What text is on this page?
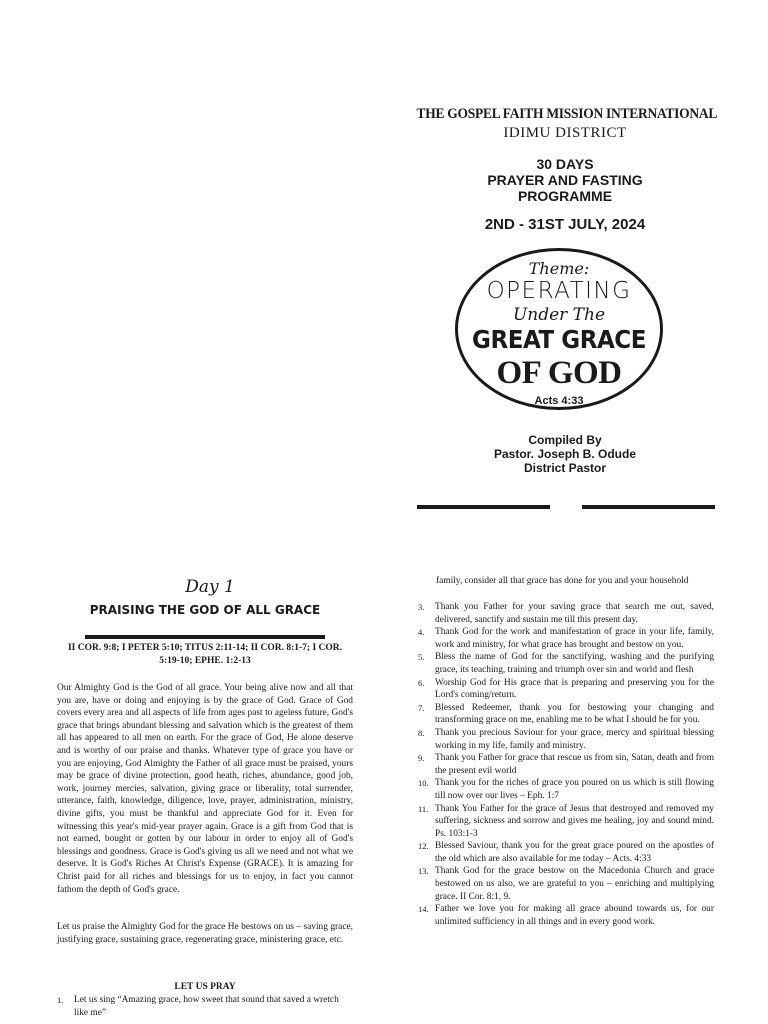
THE GOSPEL FAITH MISSION INTERNATIONAL
IDIMU DISTRICT
30 DAYS
PRAYER AND FASTING
PROGRAMME
2ND - 31ST JULY, 2024
Theme:
OPERATING
Under The
GREAT GRACE
OF GOD
Acts 4:33
Compiled By
Pastor. Joseph B. Odude
District Pastor
Day 1
PRAISING THE GOD OF ALL GRACE
II COR. 9:8; I PETER 5:10; TITUS 2:11-14; II COR. 8:1-7; I COR. 5:19-10; EPHE. 1:2-13

Our Almighty God is the God of all grace. Your being alive now and all that you are, have or doing and enjoying is by the grace of God. Grace of God covers every area and all aspects of life from ages past to ageless future, God's grace that brings abundant blessing and salvation which is the greatest of them all has appeared to all men on earth. For the grace of God, He alone deserve and is worthy of our praise and thanks. Whatever type of grace you have or you are enjoying, God Almighty the Father of all grace must be praised, yours may be grace of divine protection, good heath, riches, abundance, good job, work, journey mercies, salvation, giving grace or liberality, total surrender, utterance, faith, knowledge, diligence, love, prayer, administration, ministry, divine gifts, you must be thankful and appreciate God for it. Even for witnessing this year's mid-year prayer again. Grace is a gift from God that is not earned, bought or gotten by our labour in order to enjoy all of God's blessings and goodness. Grace is God's giving us all we need and not what we deserve. It is God's Riches At Christ's Expense (GRACE). It is amazing for Christ paid for all riches and blessings for us to enjoy, in fact you cannot fathom the depth of God's grace.

Let us praise the Almighty God for the grace He bestows on us – saving grace, justifying grace, sustaining grace, regenerating grace, ministering grace, etc.

LET US PRAY
1. Let us sing “Amazing grace, how sweet that sound that saved a wretch like me”

family, consider all that grace has done for you and your household

3. Thank you Father for your saving grace that search me out, saved, delivered, sanctify and sustain me till this present day.
4. Thank God for the work and manifestation of grace in your life, family, work and ministry, for what grace has brought and bestow on you.
5. Bless the name of God for the sanctifying, washing and the purifying grace, its teaching, training and triumph over sin and world and flesh
6. Worship God for His grace that is preparing and preserving you for the Lord's coming/return.
7. Blessed Redeemer, thank you for bestowing your changing and transforming grace on me, enabling me to be what I should be for you.
8. Thank you precious Saviour for your grace, mercy and spiritual blessing working in my life, family and ministry.
9. Thank you Father for grace that rescue us from sin, Satan, death and from the present evil world
10. Thank you for the riches of grace you poured on us which is still flowing till now over our lives – Eph. 1:7
11. Thank You Father for the grace of Jesus that destroyed and removed my suffering, sickness and sorrow and gives me healing, joy and sound mind. Ps. 103:1-3
12. Blessed Saviour, thank you for the great grace poured on the apostles of the old which are also available for me today – Acts. 4:33
13. Thank God for the grace bestow on the Macedonia Church and grace bestowed on us also, we are grateful to you – enriching and multiplying grace. II Cor. 8:1, 9.
14. Father we love you for making all grace abound towards us, for our unlimited sufficiency in all things and in every good work.
